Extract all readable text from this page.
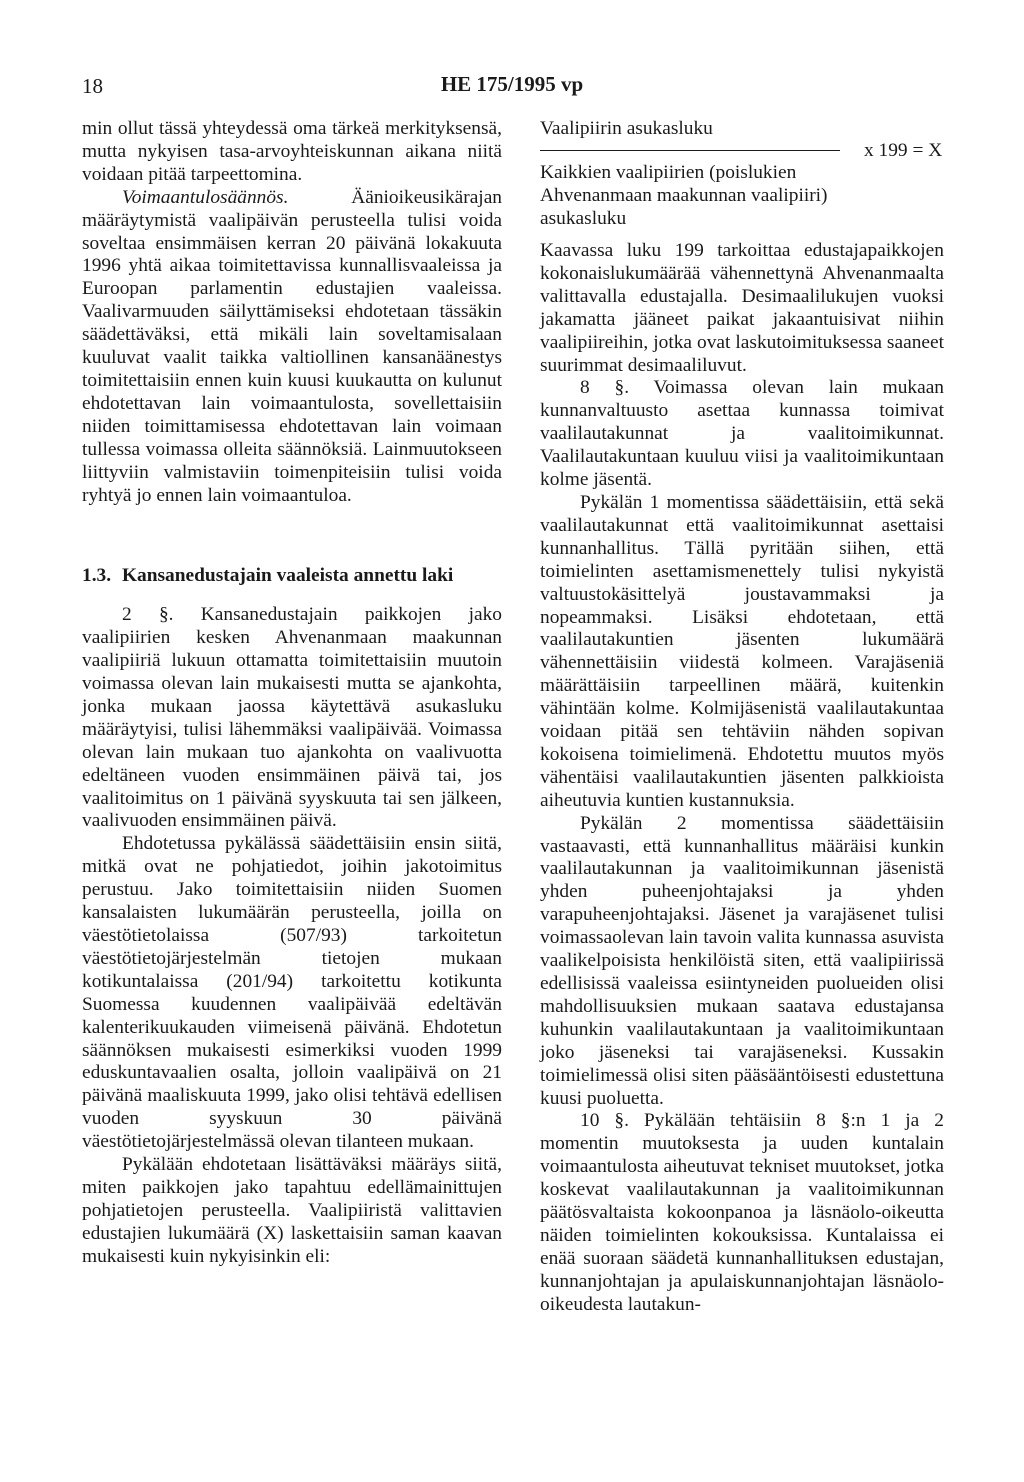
18	HE 175/1995 vp

min ollut tässä yhteydessä oma tärkeä merkityksensä, mutta nykyisen tasa-arvoyhteiskunnan aikana niitä voidaan pitää tarpeettomina.

Voimaantulosäännös. Äänioikeusikärajan määräytymistä vaalipäivän perusteella tulisi voida soveltaa ensimmäisen kerran 20 päivänä lokakuuta 1996 yhtä aikaa toimitettavissa kunnallisvaaleissa ja Euroopan parlamentin edustajien vaaleissa. Vaalivarmuuden säilyttämiseksi ehdotetaan tässäkin säädettäväksi, että mikäli lain soveltamisalaan kuuluvat vaalit taikka valtiollinen kansanäänestys toimitettaisiin ennen kuin kuusi kuukautta on kulunut ehdotettavan lain voimaantulosta, sovellettaisiin niiden toimittamisessa ehdotettavan lain voimaan tullessa voimassa olleita säännöksiä. Lainmuutokseen liittyviin valmistaviin toimenpiteisiin tulisi voida ryhtyä jo ennen lain voimaantuloa.

1.3. Kansanedustajain vaaleista annettu laki

2 §. Kansanedustajain paikkojen jako vaalipiirien kesken Ahvenanmaan maakunnan vaalipiiriä lukuun ottamatta toimitettaisiin muutoin voimassa olevan lain mukaisesti mutta se ajankohta, jonka mukaan jaossa käytettävä asukasluku määräytyisi, tulisi lähemmäksi vaalipäivää. Voimassa olevan lain mukaan tuo ajankohta on vaalivuotta edeltäneen vuoden ensimmäinen päivä tai, jos vaalitoimitus on 1 päivänä syyskuuta tai sen jälkeen, vaalivuoden ensimmäinen päivä.

Ehdotetussa pykälässä säädettäisiin ensin siitä, mitkä ovat ne pohjatiedot, joihin jakotoimitus perustuu. Jako toimitettaisiin niiden Suomen kansalaisten lukumäärän perusteella, joilla on väestötietolaissa (507/93) tarkoitetun väestötietojärjestelmän tietojen mukaan kotikuntalaissa (201/94) tarkoitettu kotikunta Suomessa kuudennen vaalipäivää edeltävän kalenterikuukauden viimeisenä päivänä. Ehdotetun säännöksen mukaisesti esimerkiksi vuoden 1999 eduskuntavaalien osalta, jolloin vaalipäivä on 21 päivänä maaliskuuta 1999, jako olisi tehtävä edellisen vuoden syyskuun 30 päivänä väestötietojärjestelmässä olevan tilanteen mukaan.

Pykälään ehdotetaan lisättäväksi määräys siitä, miten paikkojen jako tapahtuu edellämainittujen pohjatietojen perusteella. Vaalipiiristä valittavien edustajien lukumäärä (X) laskettaisiin saman kaavan mukaisesti kuin nykyisinkin eli:

Vaalipiirin asukasluku
x 199 = X
Kaikkien vaalipiirien (poislukien Ahvenanmaan maakunnan vaalipiiri) asukasluku

Kaavassa luku 199 tarkoittaa edustajapaikkojen kokonaislukumäärää vähennettynä Ahvenanmaalta valittavalla edustajalla. Desimaalilukujen vuoksi jakamatta jääneet paikat jakaantuisivat niihin vaalipiireihin, jotka ovat laskutoimituksessa saaneet suurimmat desimaaliluvut.

8 §. Voimassa olevan lain mukaan kunnanvaltuusto asettaa kunnassa toimivat vaalilautakunnat ja vaalitoimikunnat. Vaalilautakuntaan kuuluu viisi ja vaalitoimikuntaan kolme jäsentä.

Pykälän 1 momentissa säädettäisiin, että sekä vaalilautakunnat että vaalitoimikunnat asettaisi kunnanhallitus. Tällä pyritään siihen, että toimielinten asettamismenettely tulisi nykyistä valtuustokäsittelyä joustavammaksi ja nopeammaksi. Lisäksi ehdotetaan, että vaalilautakuntien jäsenten lukumäärä vähennettäisiin viidestä kolmeen. Varajäseniä määrättäisiin tarpeellinen määrä, kuitenkin vähintään kolme. Kolmijäsenistä vaalilautakuntaa voidaan pitää sen tehtäviin nähden sopivan kokoisena toimielimenä. Ehdotettu muutos myös vähentäisi vaalilautakuntien jäsenten palkkioista aiheutuvia kuntien kustannuksia.

Pykälän 2 momentissa säädettäisiin vastaavasti, että kunnanhallitus määräisi kunkin vaalilautakunnan ja vaalitoimikunnan jäsenistä yhden puheenjohtajaksi ja yhden varapuheenjohtajaksi. Jäsenet ja varajäsenet tulisi voimassaolevan lain tavoin valita kunnassa asuvista vaalikelpoisista henkilöistä siten, että vaalipiirissä edellisissä vaaleissa esiintyneiden puolueiden olisi mahdollisuuksien mukaan saatava edustajansa kuhunkin vaalilautakuntaan ja vaalitoimikuntaan joko jäseneksi tai varajäseneksi. Kussakin toimielimessä olisi siten pääsääntöisesti edustettuna kuusi puoluetta.

10 §. Pykälään tehtäisiin 8 §:n 1 ja 2 momentin muutoksesta ja uuden kuntalain voimaantulosta aiheutuvat tekniset muutokset, jotka koskevat vaalilautakunnan ja vaalitoimikunnan päätösvaltaista kokoonpanoa ja läsnäolo-oikeutta näiden toimielinten kokouksissa. Kuntalaissa ei enää suoraan säädetä kunnanhallituksen edustajan, kunnanjohtajan ja apulaiskunnanjohtajan läsnäolo-oikeudesta lautakun-
